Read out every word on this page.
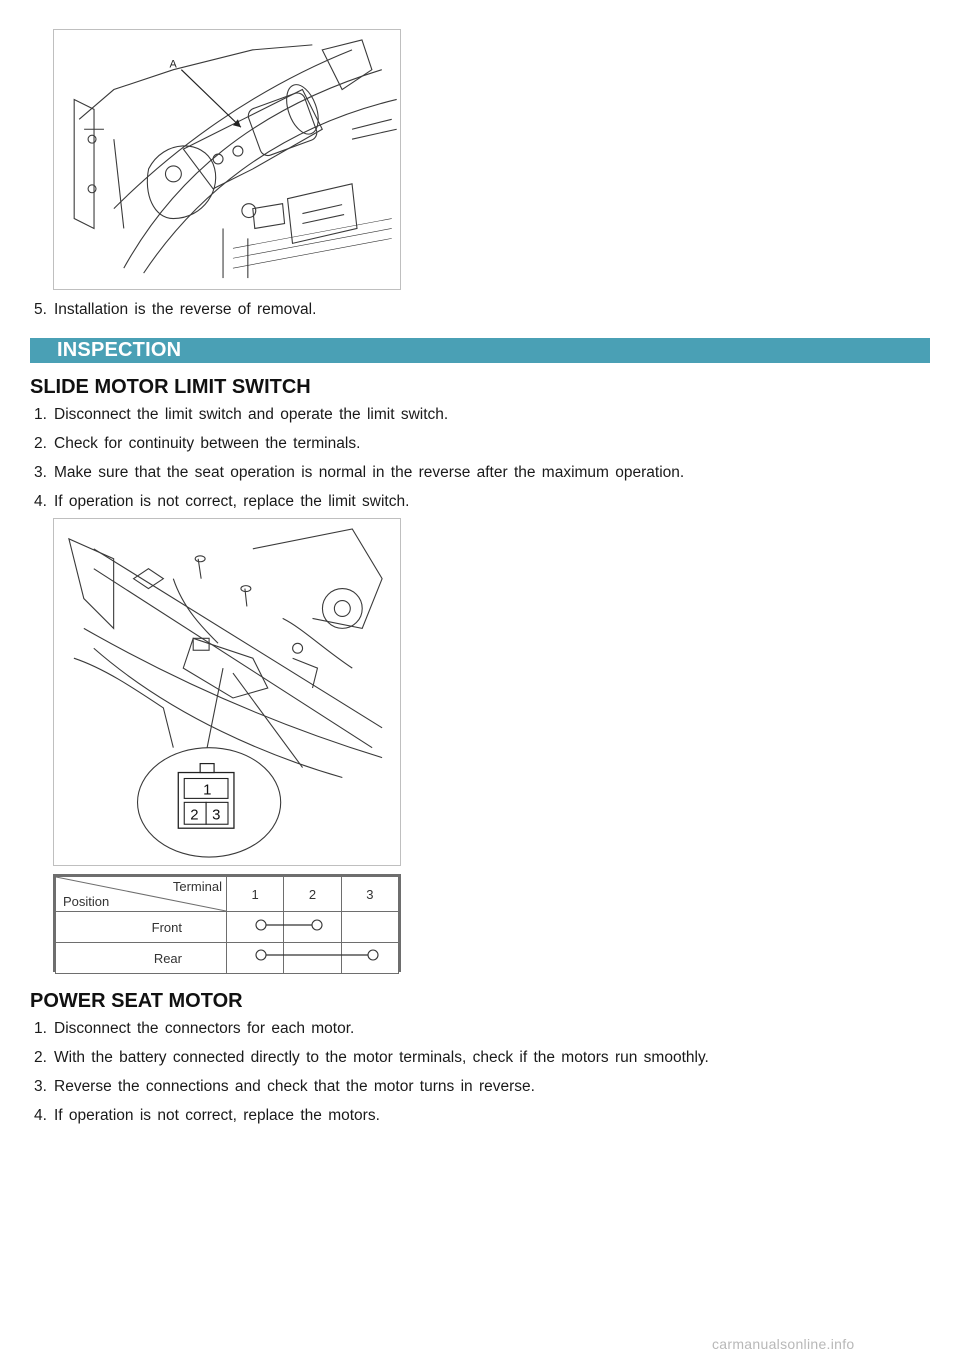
A
5. Installation is the reverse of removal.
INSPECTION
SLIDE MOTOR LIMIT SWITCH
1. Disconnect the limit switch and operate the limit switch.
2. Check for continuity between the terminals.
3. Make sure that the seat operation is normal in the reverse after the maximum operation.
4. If operation is not correct, replace the limit switch.
1
2 3
Terminal
Position	1	2	3
Front			
Rear			
POWER SEAT MOTOR
1. Disconnect the connectors for each motor.
2. With the battery connected directly to the motor terminals, check if the motors run smoothly.
3. Reverse the connections and check that the motor turns in reverse.
4. If operation is not correct, replace the motors.
carmanualsonline.info
